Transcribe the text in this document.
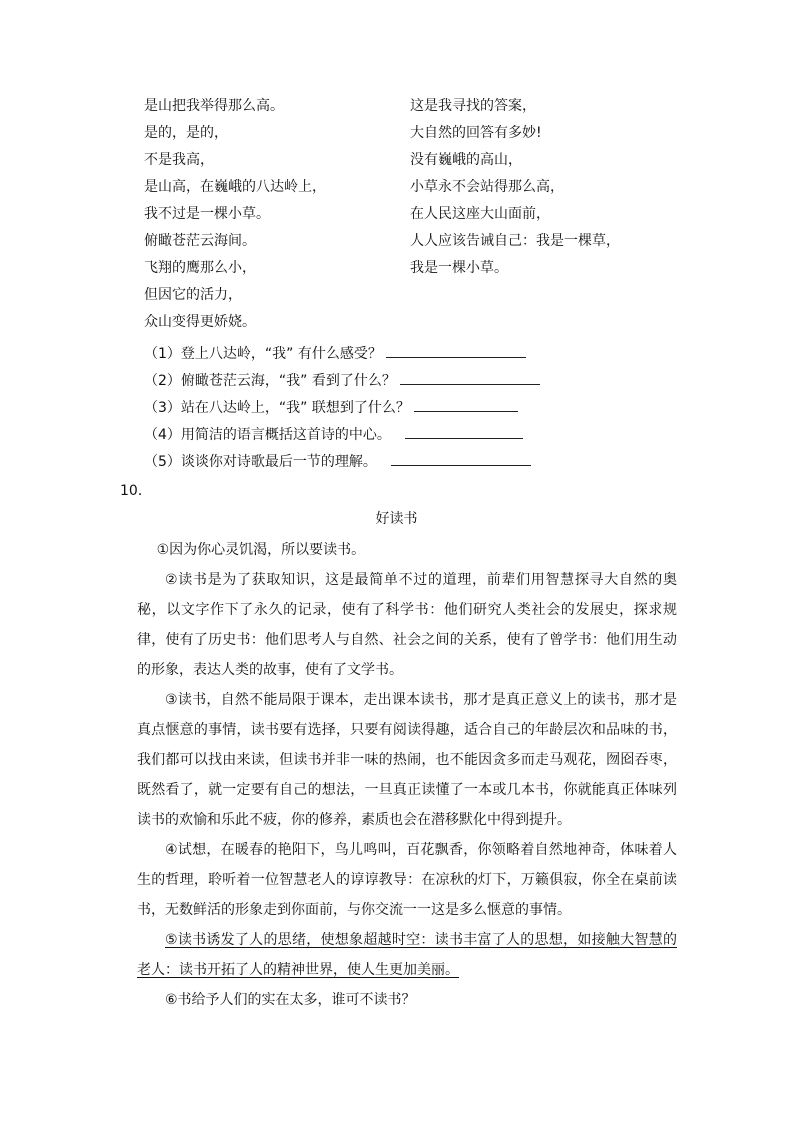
是山把我举得那么高。
是的，是的，
不是我高，
是山高，在巍峨的八达岭上，
我不过是一棵小草。
俯瞰苍茫云海间。
飞翔的鹰那么小，
但因它的活力，
众山变得更娇娆。
这是我寻找的答案，
大自然的回答有多妙!
没有巍峨的高山，
小草永不会站得那么高，
在人民这座大山面前，
人人应该告诫自己：我是一棵草，
我是一棵小草。
（1）登上八达岭，“我” 有什么感受？
（2）俯瞰苍茫云海，“我” 看到了什么？
（3）站在八达岭上，“我” 联想到了什么？
（4）用简洁的语言概括这首诗的中心。
（5）谈谈你对诗歌最后一节的理解。
10．
好读书

①因为你心灵饥渴，所以要读书。

②读书是为了获取知识，这是最简单不过的道理，前辈们用智慧探寻大自然的奥秘，以文字作下了永久的记录，使有了科学书：他们研究人类社会的发展史，探求规律，使有了历史书：他们思考人与自然、社会之间的关系，使有了曾学书：他们用生动的形象，表达人类的故事，使有了文学书。

③读书，自然不能局限于课本，走出课本读书，那才是真正意义上的读书，那才是真点惬意的事情，读书要有选择，只要有阅读得趣，适合自己的年龄层次和品味的书，我们都可以找由来读，但读书并非一味的热闹，也不能因贪多而走马观花，囫囵吞枣，既然看了，就一定要有自己的想法，一旦真正读懂了一本或几本书，你就能真正体味列读书的欢愉和乐此不疲，你的修养，素质也会在潜移默化中得到提升。

④试想，在暖春的艳阳下，鸟儿鸣叫，百花飘香，你领略着自然地神奇，体味着人生的哲理，聆听着一位智慧老人的谆谆教导：在凉秋的灯下，万籁俱寂，你全在桌前读书，无数鲜活的形象走到你面前，与你交流一一这是多么惬意的事情。

⑤读书诱发了人的思绪，使想象超越时空：读书丰富了人的思想，如接触大智慧的老人：读书开拓了人的精神世界，使人生更加美丽。

⑥书给予人们的实在太多，谁可不读书？
